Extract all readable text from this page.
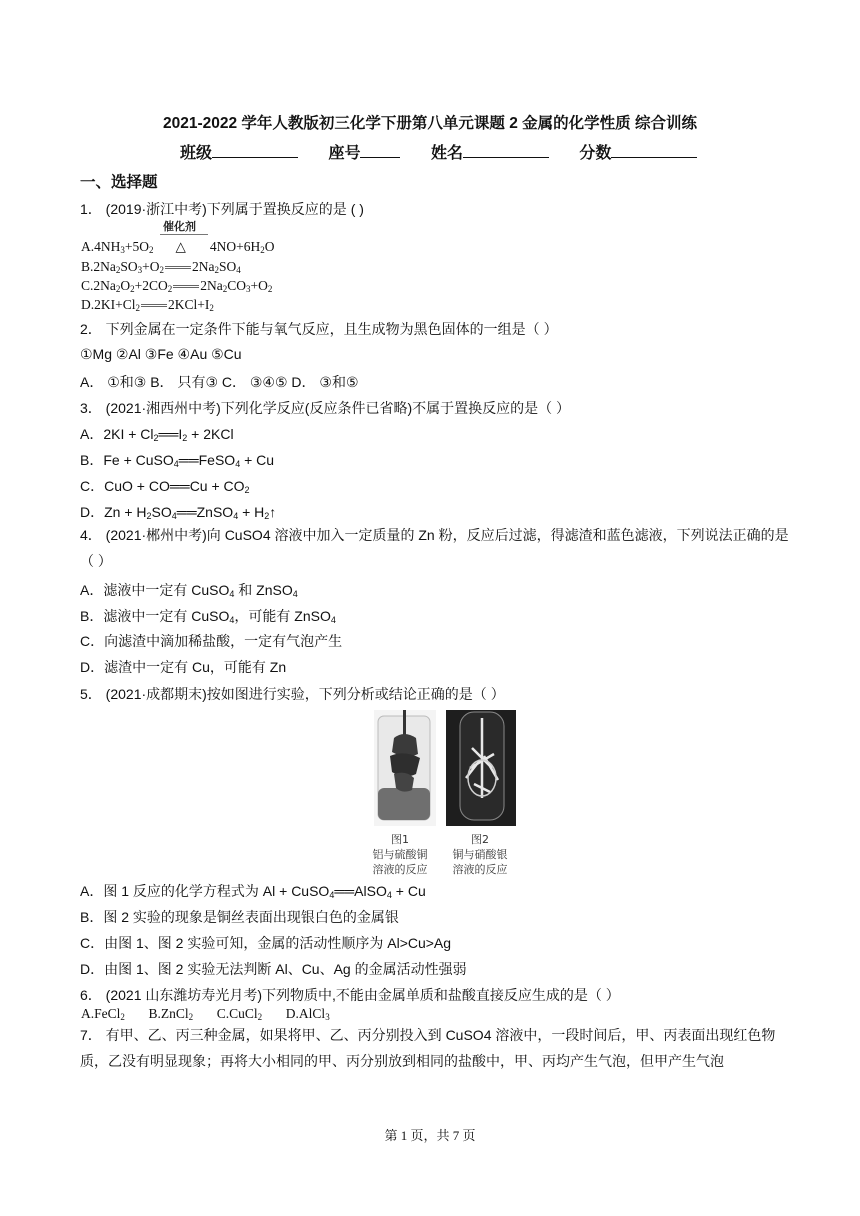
2021-2022 学年人教版初三化学下册第八单元课题 2 金属的化学性质 综合训练
班级	座号	姓名	分数
一、选择题
1． (2019·浙江中考)下列属于置换反应的是 ( )
催化剂
$A.4NH_3+5O_2$ △ $4NO+6H_2O$
$B.2Na_2SO_3+O_2$ $2Na_2SO_4$
$C.2Na_2O_2+2CO_2$ $2Na_2CO_3+O_2$
$D.2KI+Cl_2$ $2KCl+I_2$
2． 下列金属在一定条件下能与氧气反应，且生成物为黑色固体的一组是（ ）
①Mg ②Al ③Fe ④Au ⑤Cu
A． ①和③ B． 只有③ C． ③④⑤ D． ③和⑤
3． (2021·湘西州中考)下列化学反应(反应条件已省略)不属于置换反应的是（ ）
A．$2KI + Cl_2══I_2 + 2KCl$
B．Fe + CuSO$_4$══FeSO$_4$ + Cu
C．CuO + CO══Cu + $CO_2$
D．$Zn + H_2SO_4══ZnSO_4$ + $H_2↑$
4． (2021·郴州中考)向 CuSO4 溶液中加入一定质量的 Zn 粉，反应后过滤，得滤渣和蓝色滤液，下列说法正确的是（ ）
A．滤液中一定有 CuSO$_4$ 和 ZnSO$_4$
B．滤液中一定有 CuSO$_4$，可能有 ZnSO$_4$
C．向滤渣中滴加稀盐酸，一定有气泡产生
D．滤渣中一定有 Cu，可能有 Zn
5． (2021·成都期末)按如图进行实验，下列分析或结论正确的是（ ）
图1
铝与硫酸铜
溶液的反应
图2
铜与硝酸银
溶液的反应
A．图 1 反应的化学方程式为 Al + CuSO$_4$══AlSO$_4$ + Cu
B．图 2 实验的现象是铜丝表面出现银白色的金属银
C．由图 1、图 2 实验可知，金属的活动性顺序为 Al>Cu>Ag
D．由图 1、图 2 实验无法判断 Al、Cu、Ag 的金属活动性强弱
6． (2021 山东潍坊寿光月考)下列物质中,不能由金属单质和盐酸直接反应生成的是（ ）
A.FeCl$_2$       B.ZnCl$_2$       C.CuCl$_2$       D.AlCl$_3$
7． 有甲、乙、丙三种金属，如果将甲、乙、丙分别投入到 CuSO4 溶液中，一段时间后，甲、丙表面出现红色物质，乙没有明显现象；再将大小相同的甲、丙分别放到相同的盐酸中，甲、丙均产生气泡，但甲产生气泡
第 1 页，共 7 页
